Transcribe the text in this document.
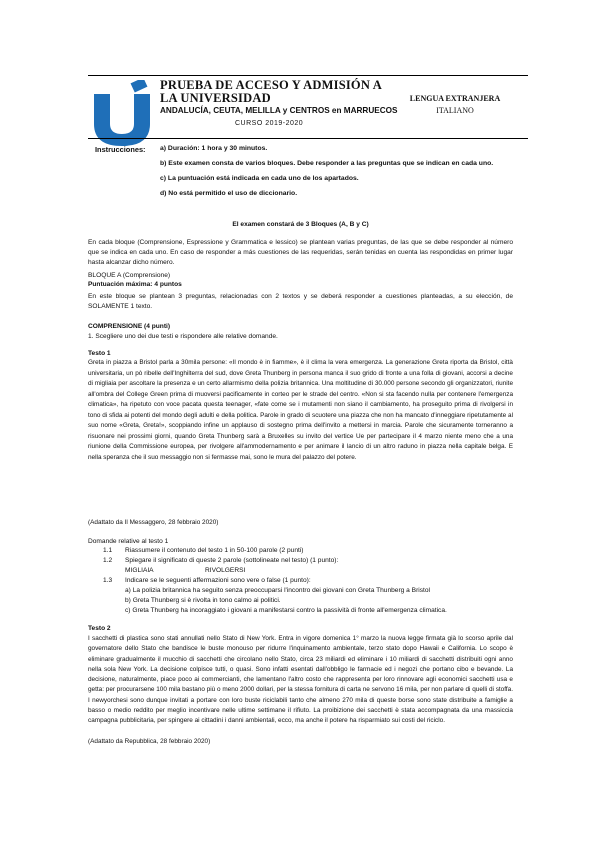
PRUEBA DE ACCESO Y ADMISIÓN A LA UNIVERSIDAD
ANDALUCÍA, CEUTA, MELILLA y CENTROS en MARRUECOS
CURSO 2019-2020
LENGUA EXTRANJERA
ITALIANO
Instrucciones: a) Duración: 1 hora y 30 minutos.
b) Este examen consta de varios bloques. Debe responder a las preguntas que se indican en cada uno.
c) La puntuación está indicada en cada uno de los apartados.
d) No está permitido el uso de diccionario.
El examen constará de 3 Bloques (A, B y C)
En cada bloque (Comprensione, Espressione y Grammatica e lessico) se plantean varias preguntas, de las que se debe responder al número que se indica en cada uno. En caso de responder a más cuestiones de las requeridas, serán tenidas en cuenta las respondidas en primer lugar hasta alcanzar dicho número.
BLOQUE A (Comprensione)
Puntuación máxima: 4 puntos
En este bloque se plantean 3 preguntas, relacionadas con 2 textos y se deberá responder a cuestiones planteadas, a su elección, de SOLAMENTE 1 texto.
COMPRENSIONE (4 punti)
1. Scegliere uno dei due testi e rispondere alle relative domande.
Testo 1
Greta in piazza a Bristol parla a 30mila persone: «Il mondo è in fiamme», è il clima la vera emergenza. La generazione Greta riporta da Bristol, città universitaria, un pò ribelle dell'Inghilterra del sud, dove Greta Thunberg in persona manca il suo grido di fronte a una folla di giovani, accorsi a decine di migliaia per ascoltare la presenza e un certo allarmismo della polizia britannica. Una moltitudine di 30.000 persone secondo gli organizzatori, riunite all'ombra del College Green prima di muoversi pacificamente in corteo per le strade del centro. «Non si sta facendo nulla per contenere l'emergenza climatica», ha ripetuto con voce pacata questa teenager, «fate come se i mutamenti non siano il cambiamento, ha proseguito prima di rivolgersi in tono di sfida ai potenti del mondo degli adulti e della politica. Parole in grado di scuotere una piazza che non ha mancato d'inneggiare ripetutamente al suo nome «Greta, Greta!», scoppiando infine un applauso di sostegno prima dell'invito a mettersi in marcia. Parole che sicuramente torneranno a risuonare nei prossimi giorni, quando Greta Thunberg sarà a Bruxelles su invito del vertice Ue per partecipare il 4 marzo niente meno che a una riunione della Commissione europea, per rivolgere all'ammodernamento e per animare il lancio di un altro raduno in piazza nella capitale belga. E nella speranza che il suo messaggio non si fermasse mai, sono le mura del palazzo del potere.
(Adattato da Il Messaggero, 28 febbraio 2020)
Domande relative al testo 1
1.1 Riassumere il contenuto del testo 1 in 50-100 parole (2 punti)
1.2 Spiegare il significato di queste 2 parole (sottolineate nel testo) (1 punto):
MIGLIAIA	RIVOLGERSI
1.3 Indicare se le seguenti affermazioni sono vere o false (1 punto):
a) La polizia britannica ha seguito senza preoccuparsi l'incontro dei giovani con Greta Thunberg a Bristol
b) Greta Thunberg si è rivolta in tono calmo ai politici.
c) Greta Thunberg ha incoraggiato i giovani a manifestarsi contro la passività di fronte all'emergenza climatica.
Testo 2
I sacchetti di plastica sono stati annullati nello Stato di New York. Entra in vigore domenica 1° marzo la nuova legge firmata già lo scorso aprile dal governatore dello Stato che bandisce le buste monouso per ridurre l'inquinamento ambientale, terzo stato dopo Hawaii e California. Lo scopo è eliminare gradualmente il mucchio di sacchetti che circolano nello Stato, circa 23 miliardi ed eliminare i 10 miliardi di sacchetti distribuiti ogni anno nella sola New York. La decisione colpisce tutti, o quasi. Sono infatti esentati dall'obbligo le farmacie ed i negozi che portano cibo e bevande. La decisione, naturalmente, piace poco ai commercianti, che lamentano l'altro costo che rappresenta per loro rinnovare agli economici sacchetti usa e getta: per procurarsene 100 mila bastano più o meno 2000 dollari, per la stessa fornitura di carta ne servono 16 mila, per non parlare di quelli di stoffa. I newyorchesi sono dunque invitati a portare con loro buste riciclabili tanto che almeno 270 mila di queste borse sono state distribuite a famiglie a basso o medio reddito per meglio incentivare nelle ultime settimane il rifiuto. La proibizione dei sacchetti è stata accompagnata da una massiccia campagna pubblicitaria, per spingere ai cittadini i danni ambientali, ecco, ma anche il potere ha risparmiato sui costi del riciclo.
(Adattato da Repubblica, 28 febbraio 2020)
